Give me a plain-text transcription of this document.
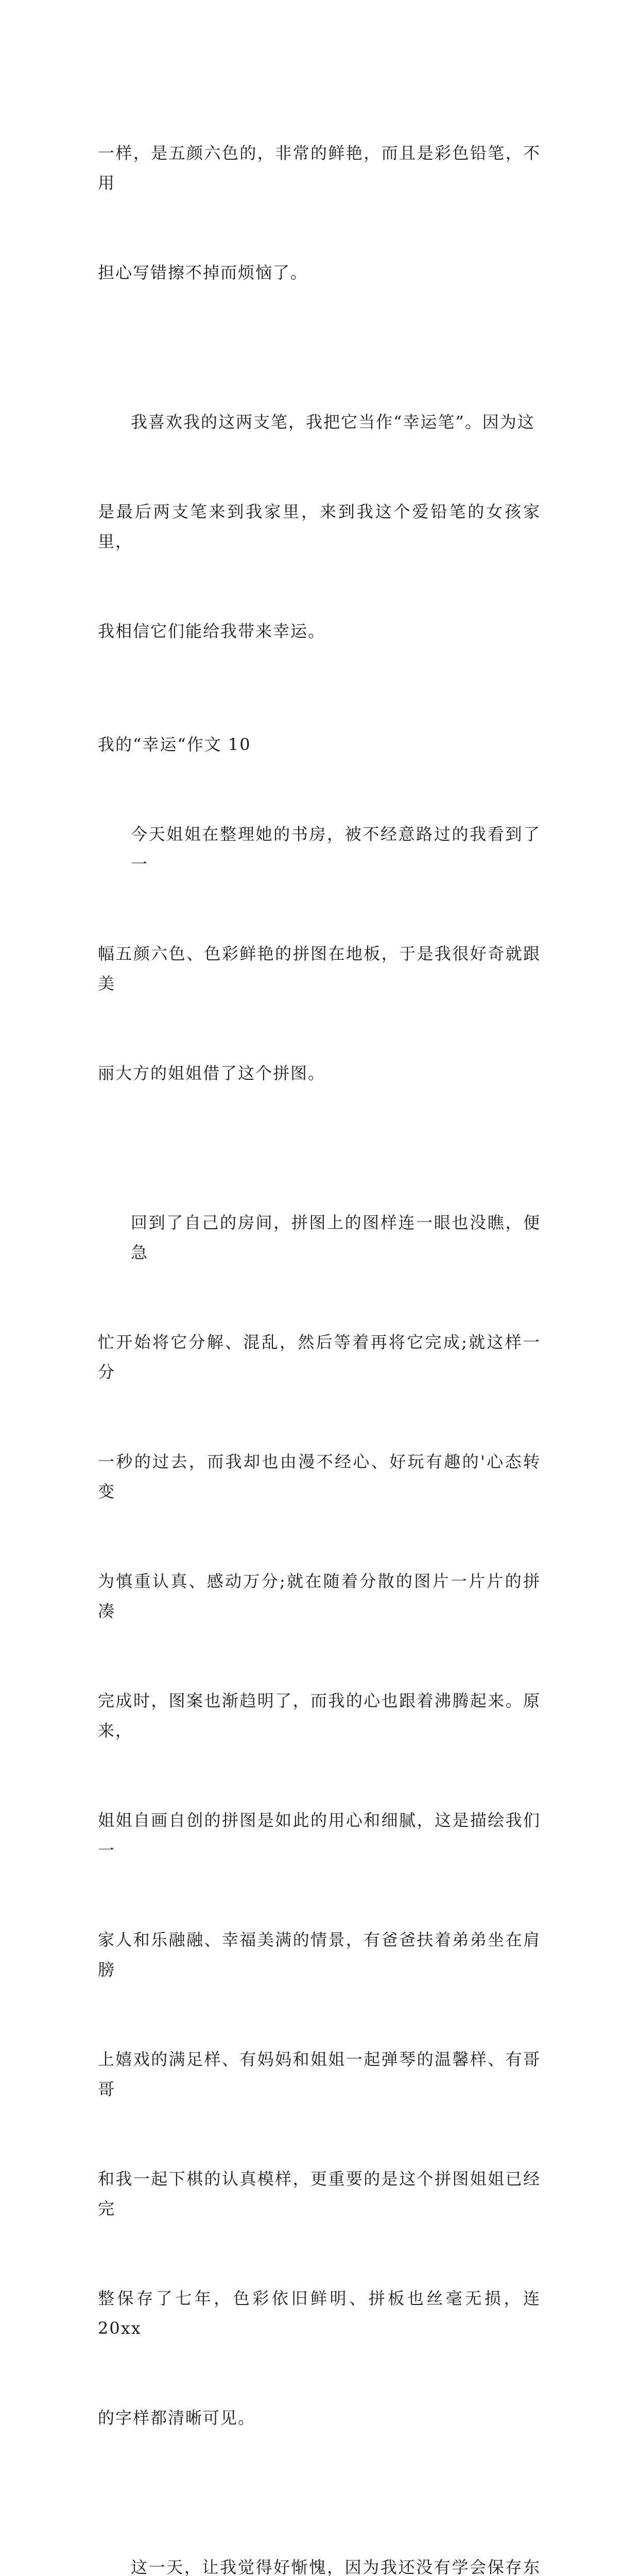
一样，是五颜六色的，非常的鲜艳，而且是彩色铅笔，不用

担心写错擦不掉而烦恼了。

我喜欢我的这两支笔，我把它当作“幸运笔”。因为这

是最后两支笔来到我家里，来到我这个爱铅笔的女孩家里，

我相信它们能给我带来幸运。

我的“幸运“作文 10

今天姐姐在整理她的书房，被不经意路过的我看到了一

幅五颜六色、色彩鲜艳的拼图在地板，于是我很好奇就跟美

丽大方的姐姐借了这个拼图。

回到了自己的房间，拼图上的图样连一眼也没瞧，便急

忙开始将它分解、混乱，然后等着再将它完成;就这样一分

一秒的过去，而我却也由漫不经心、好玩有趣的'心态转变

为慎重认真、感动万分;就在随着分散的图片一片片的拼凑

完成时，图案也渐趋明了，而我的心也跟着沸腾起来。原来，

姐姐自画自创的拼图是如此的用心和细腻，这是描绘我们一

家人和乐融融、幸福美满的情景，有爸爸扶着弟弟坐在肩膀

上嬉戏的满足样、有妈妈和姐姐一起弹琴的温馨样、有哥哥

和我一起下棋的认真模样，更重要的是这个拼图姐姐已经完

整保存了七年，色彩依旧鲜明、拼板也丝毫无损，连 20xx

的字样都清晰可见。

这一天，让我觉得好惭愧，因为我还没有学会保存东
